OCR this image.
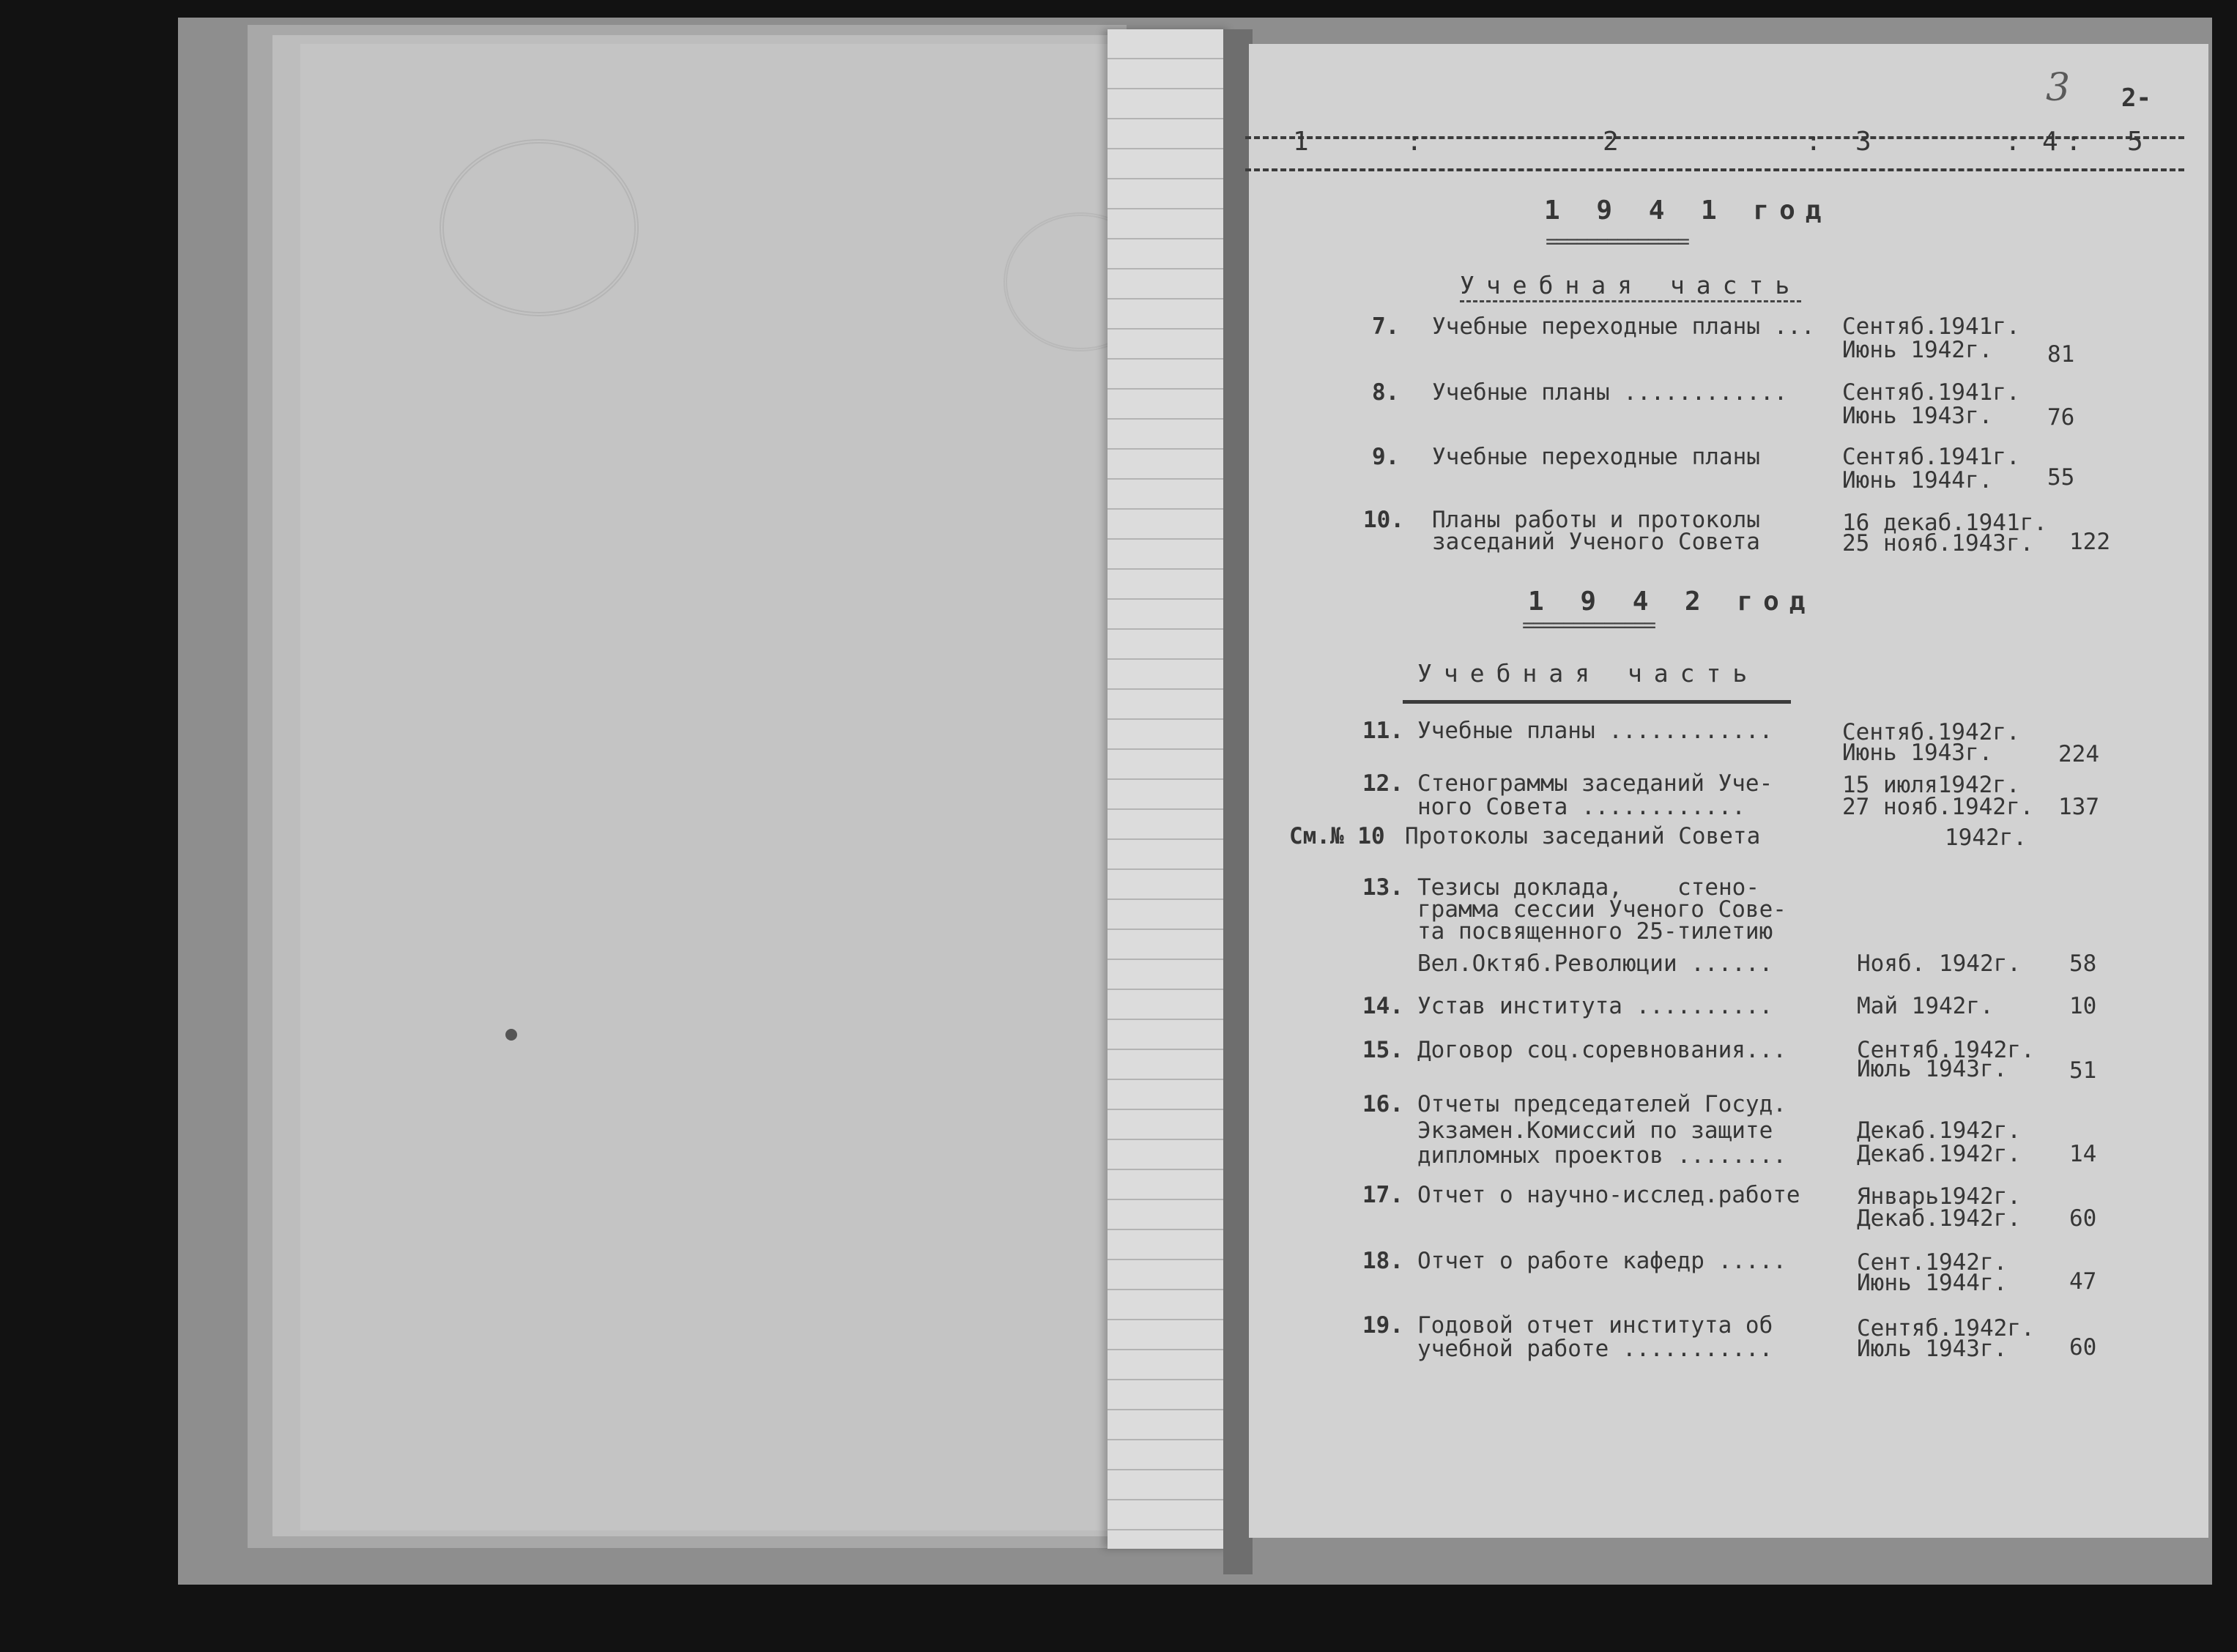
3 2-
1	:	2	: 3	: 4 : 5
1 9 4 1 год
==============
Учебная часть
7. Учебные переходные планы ... Сентяб.1941г.
Июнь 1942г. 81
8. Учебные планы ............ Сентяб.1941г.
Июнь 1943г. 76
9. Учебные переходные планы	Сентяб.1941г.
Июнь 1944г. 55
10. Планы работы и протоколы
заседаний Ученого Совета
16 декаб.1941г.
25 нояб.1943г. 122
1 9 4 2 год
=============
Учебная часть
11. Учебные планы ............	Сентяб.1942г.
Июнь 1943г.	224
12. Стенограммы заседаний Уче-
ного Совета ............
15 июля1942г.
27 нояб.1942г. 137
См.№ 10 Протоколы заседаний Совета	1942г.
13. Тезисы доклада, стено-
грамма сессии Ученого Сове-
та посвященного 25-тилетию
Вел.Октяб.Революции ......	Нояб. 1942г. 58
14. Устав института ..........	Май 1942г.	10
15. Договор соц.соревнования...	Сентяб.1942г.
Июль 1943г.	51
16. Отчеты председателей Госуд.
Экзамен.Комиссий по защите
дипломных проектов ........
Декаб.1942г.
Декаб.1942г. 14
17. Отчет о научно-исслед.работе Январь1942г.
Декаб.1942г. 60
18. Отчет о работе кафедр .....	Сент.1942г.
Июнь 1944г.	47
19. Годовой отчет института об
учебной работе ...........
Сентяб.1942г.
Июль 1943г.	60
